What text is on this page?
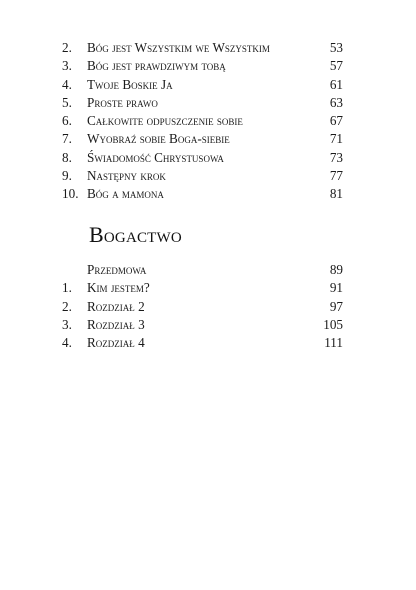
2. Bóg jest Wszystkim we Wszystkim	53
3. Bóg jest prawdziwym tobą	57
4. Twoje Boskie Ja	61
5. Proste prawo	63
6. Całkowite odpuszczenie sobie	67
7. Wyobraź sobie Boga-siebie	71
8. Świadomość Chrystusowa	73
9. Następny krok	77
10. Bóg a mamona	81
Bogactwo
Przedmowa	89
1. Kim jestem?	91
2. Rozdział 2	97
3. Rozdział 3	105
4. Rozdział 4	111
